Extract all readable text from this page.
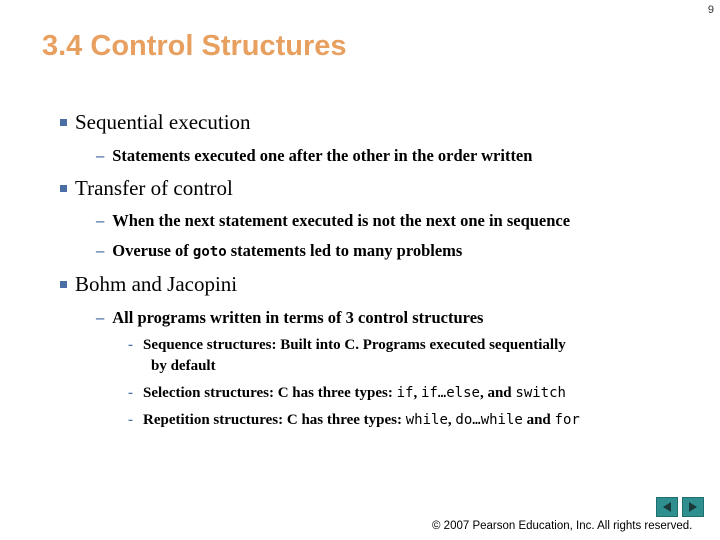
9
3.4 Control Structures
Sequential execution
– Statements executed one after the other in the order written
Transfer of control
– When the next statement executed is not the next one in sequence
– Overuse of goto statements led to many problems
Bohm and Jacopini
– All programs written in terms of 3 control structures
- Sequence structures: Built into C. Programs executed sequentially
by default
- Selection structures: C has three types: if, if…else, and switch
- Repetition structures: C has three types: while, do…while and for
© 2007 Pearson Education, Inc. All rights reserved.
